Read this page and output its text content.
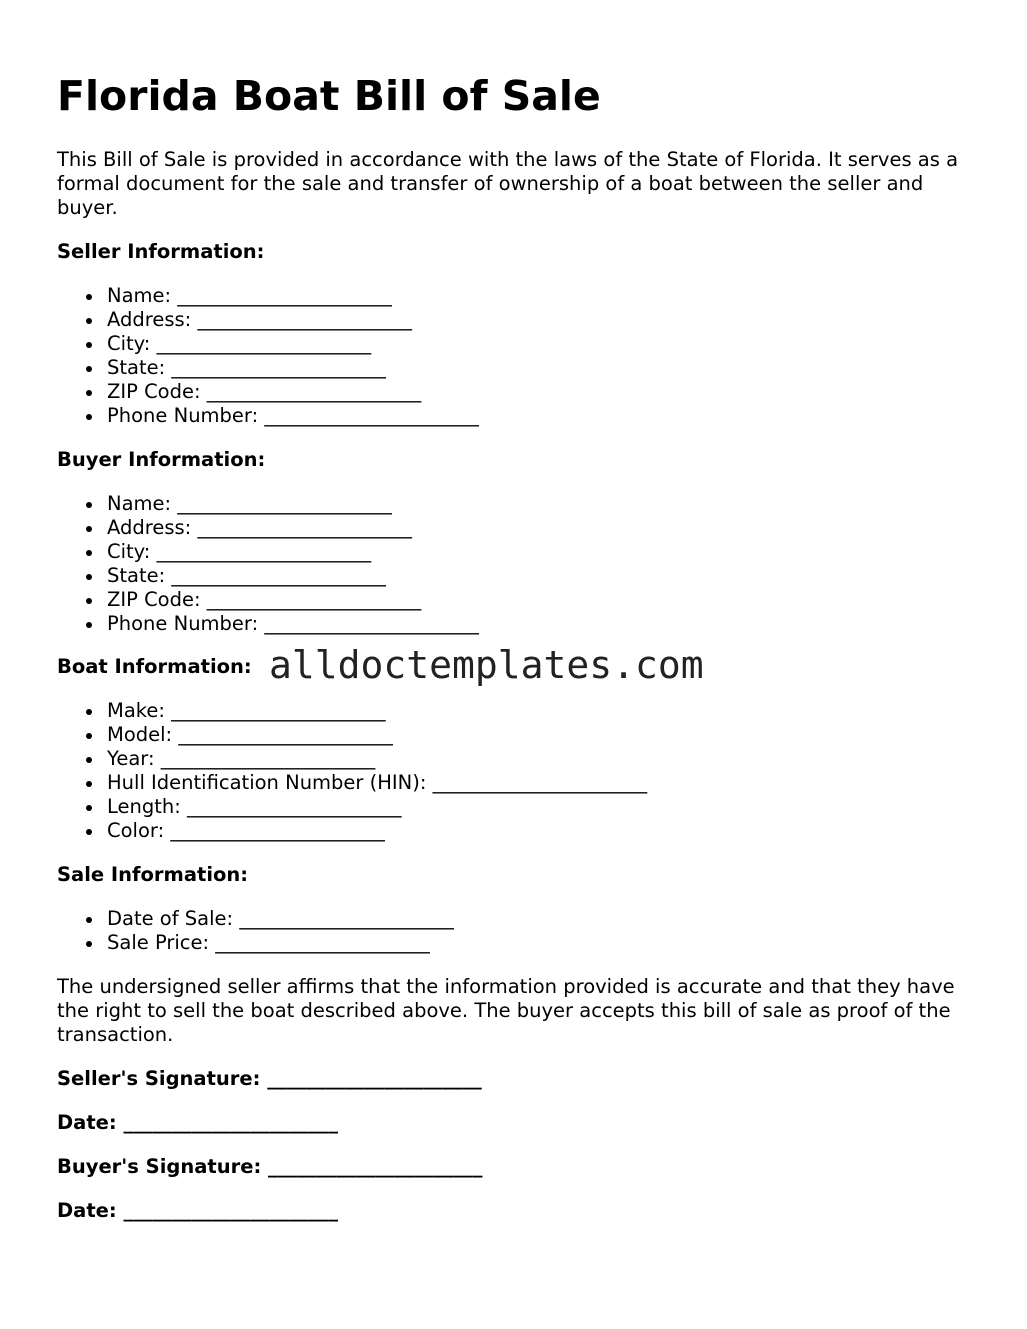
Florida Boat Bill of Sale

This Bill of Sale is provided in accordance with the laws of the State of Florida. It serves as a formal document for the sale and transfer of ownership of a boat between the seller and buyer.

Seller Information:

Name: ______________________
Address: ______________________
City: ______________________
State: ______________________
ZIP Code: ______________________
Phone Number: ______________________

Buyer Information:

Name: ______________________
Address: ______________________
City: ______________________
State: ______________________
ZIP Code: ______________________
Phone Number: ______________________

Boat Information:

Make: ______________________
Model: ______________________
Year: ______________________
Hull Identification Number (HIN): ______________________
Length: ______________________
Color: ______________________

Sale Information:

Date of Sale: ______________________
Sale Price: ______________________

The undersigned seller affirms that the information provided is accurate and that they have the right to sell the boat described above. The buyer accepts this bill of sale as proof of the transaction.

Seller's Signature: ______________________

Date: ______________________

Buyer's Signature: ______________________

Date: ______________________

alldoctemplates.com
